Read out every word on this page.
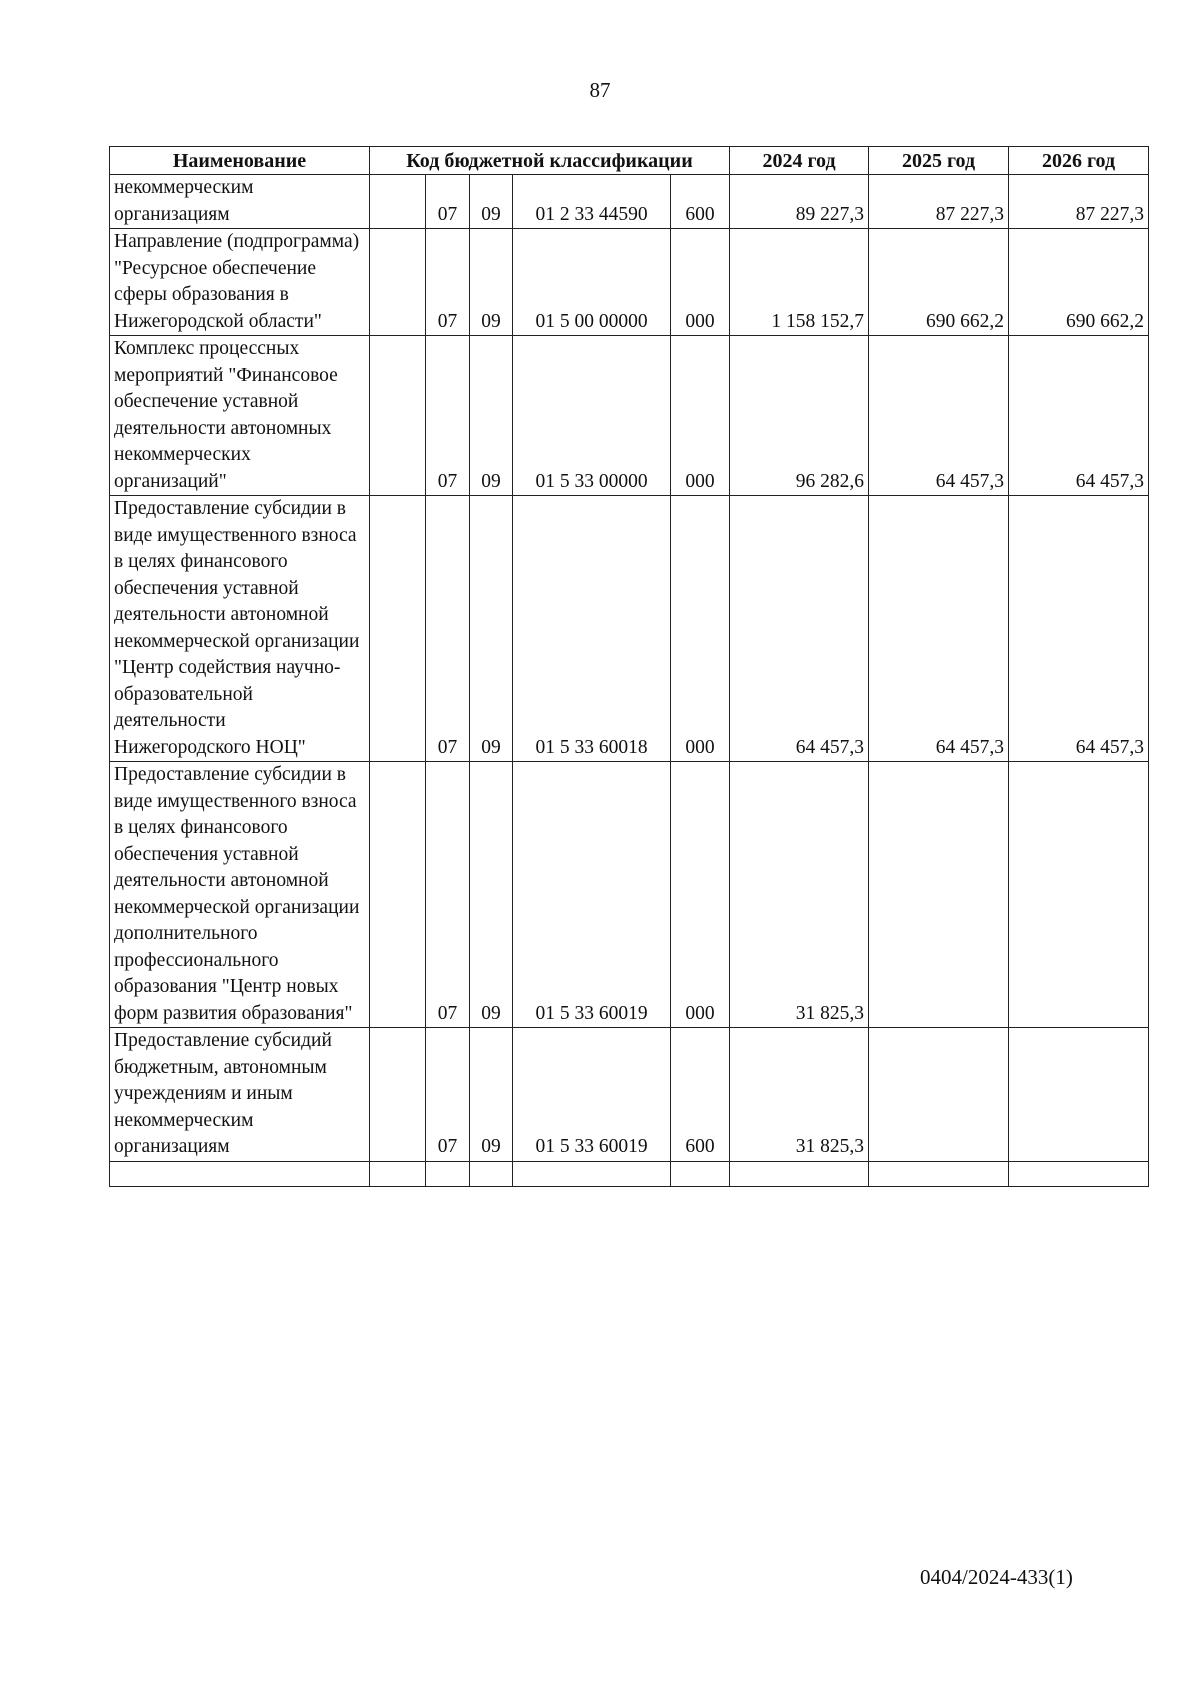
87
Наименование	Код бюджетной классификации					2024 год	2025 год	2026 год
некоммерческим организациям		07	09	01 2 33 44590	600	89 227,3	87 227,3	87 227,3
Направление (подпрограмма) "Ресурсное обеспечение сферы образования в Нижегородской области"		07	09	01 5 00 00000	000	1 158 152,7	690 662,2	690 662,2
Комплекс процессных мероприятий "Финансовое обеспечение уставной деятельности автономных некоммерческих организаций"		07	09	01 5 33 00000	000	96 282,6	64 457,3	64 457,3
Предоставление субсидии в виде имущественного взноса в целях финансового обеспечения уставной деятельности автономной некоммерческой организации "Центр содействия научно-образовательной деятельности Нижегородского НОЦ"		07	09	01 5 33 60018	000	64 457,3	64 457,3	64 457,3
Предоставление субсидии в виде имущественного взноса в целях финансового обеспечения уставной деятельности автономной некоммерческой организации дополнительного профессионального образования "Центр новых форм развития образования"		07	09	01 5 33 60019	000	31 825,3		
Предоставление субсидий бюджетным, автономным учреждениям и иным некоммерческим организациям		07	09	01 5 33 60019	600	31 825,3		

0404/2024-433(1)
